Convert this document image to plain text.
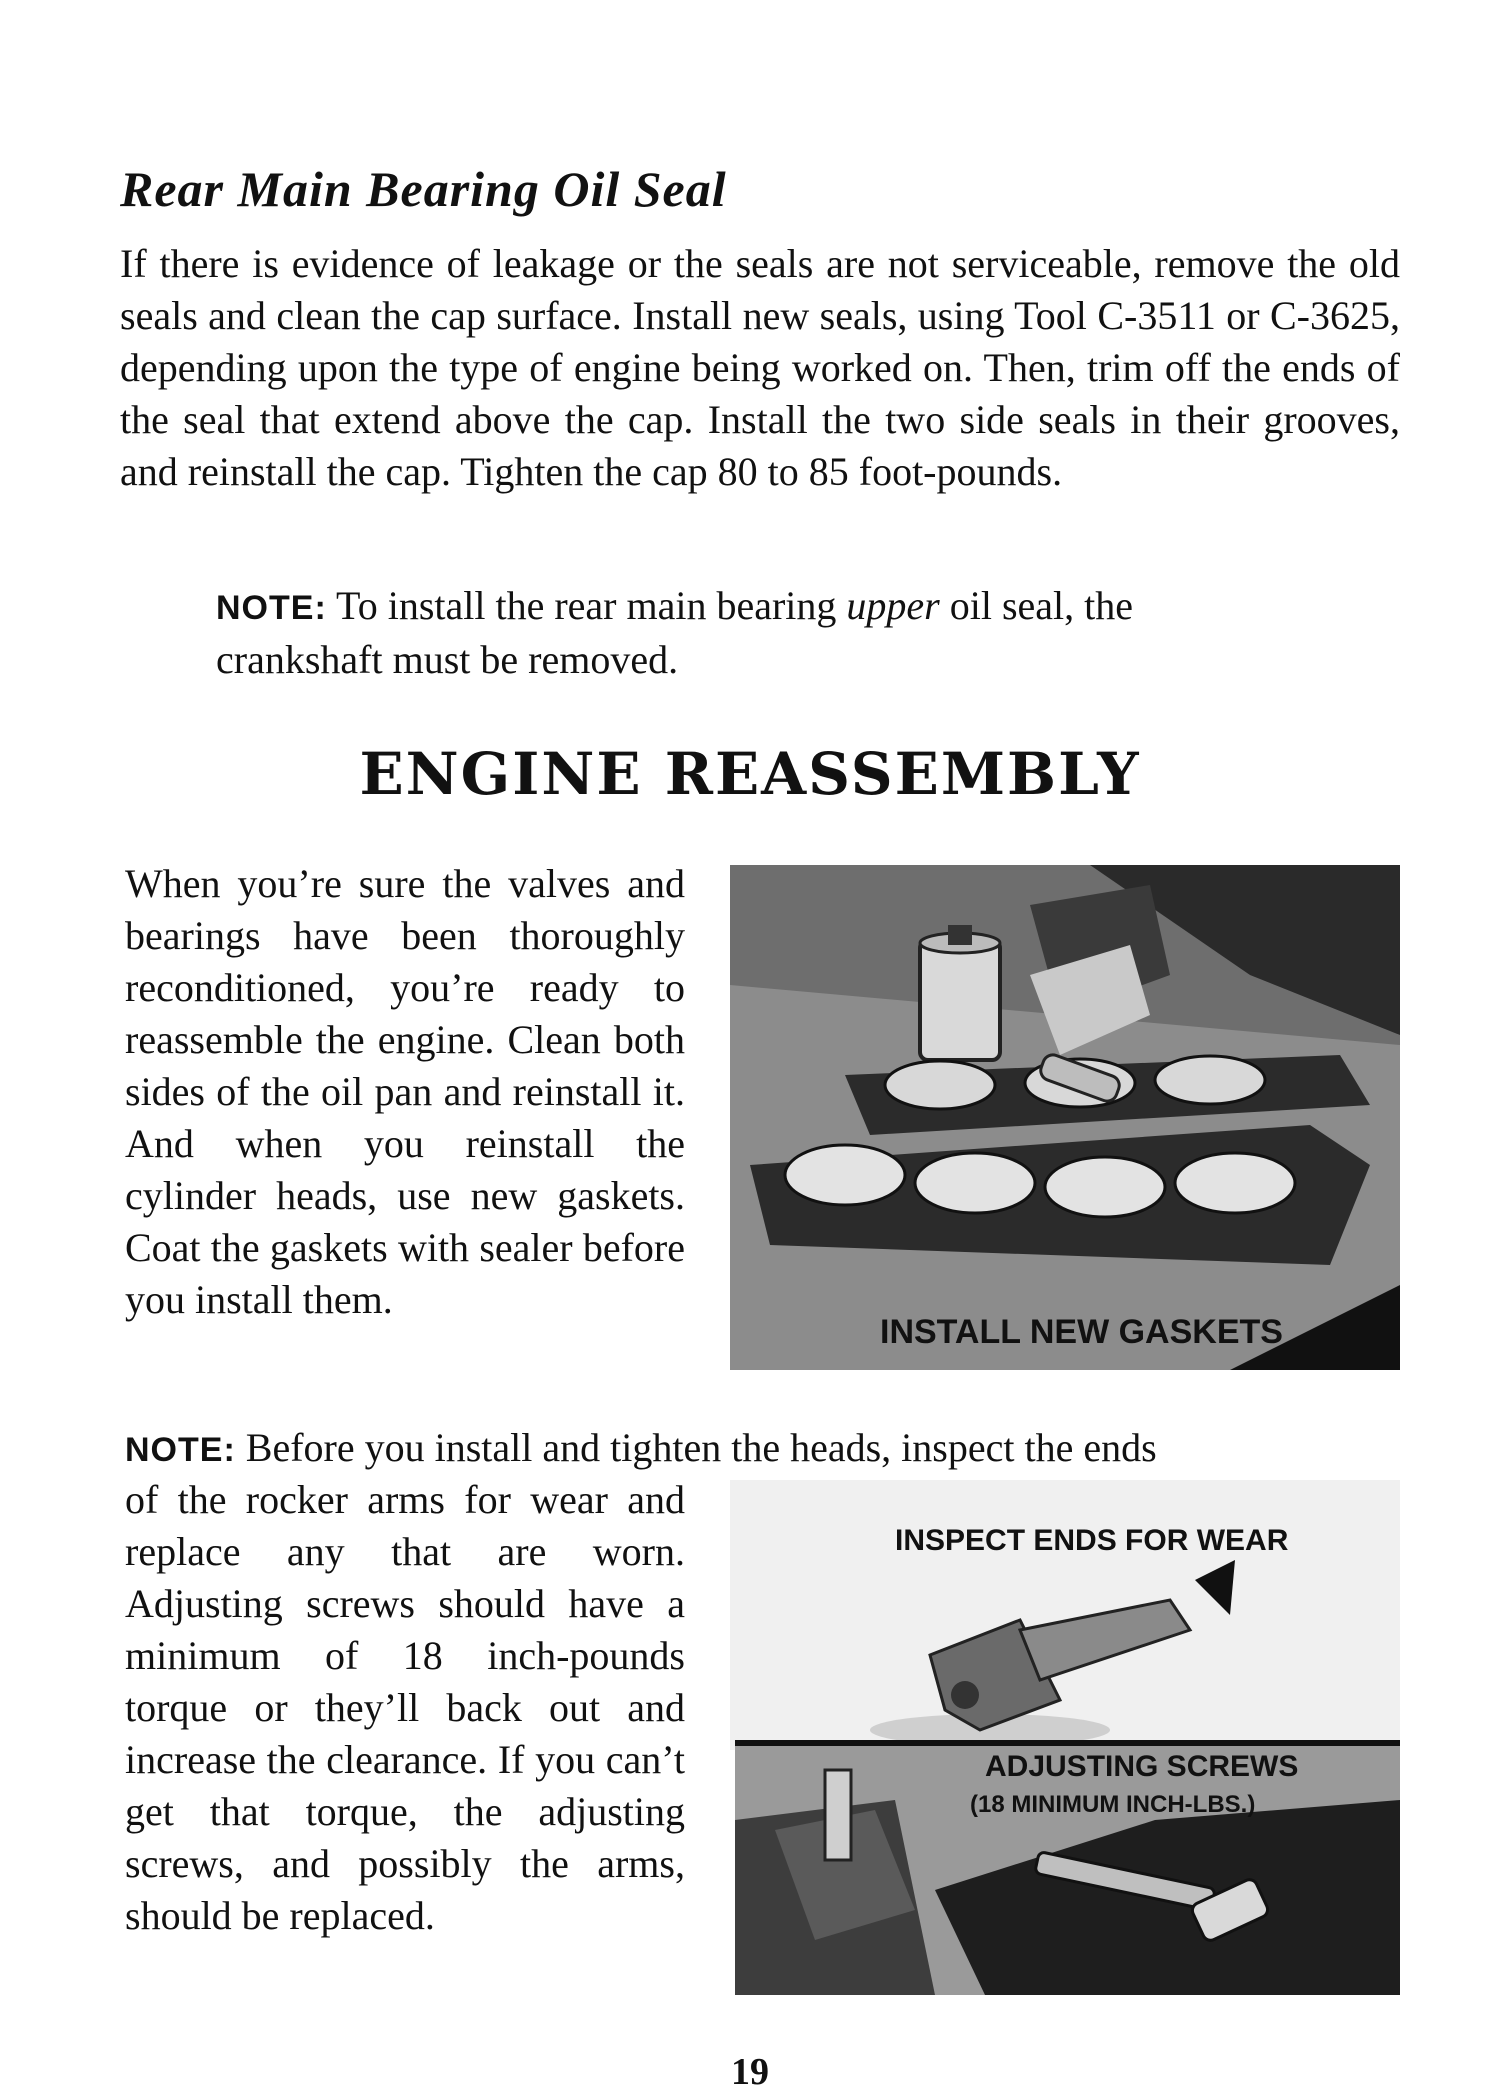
Rear Main Bearing Oil Seal

If there is evidence of leakage or the seals are not serviceable, remove the old seals and clean the cap surface. Install new seals, using Tool C-3511 or C-3625, depending upon the type of engine being worked on. Then, trim off the ends of the seal that extend above the cap. Install the two side seals in their grooves, and reinstall the cap. Tighten the cap 80 to 85 foot-pounds.

NOTE: To install the rear main bearing upper oil seal, the crankshaft must be removed.

ENGINE REASSEMBLY

When you’re sure the valves and bearings have been thoroughly reconditioned, you’re ready to reassemble the engine. Clean both sides of the oil pan and reinstall it. And when you reinstall the cylinder heads, use new gaskets. Coat the gaskets with sealer before you install them.

INSTALL NEW GASKETS

NOTE: Before you install and tighten the heads, inspect the ends

of the rocker arms for wear and replace any that are worn. Adjusting screws should have a minimum of 18 inch-pounds torque or they’ll back out and increase the clearance. If you can’t get that torque, the adjusting screws, and possibly the arms, should be replaced.

INSPECT ENDS FOR WEAR
ADJUSTING SCREWS
(18 MINIMUM INCH-LBS.)
19
